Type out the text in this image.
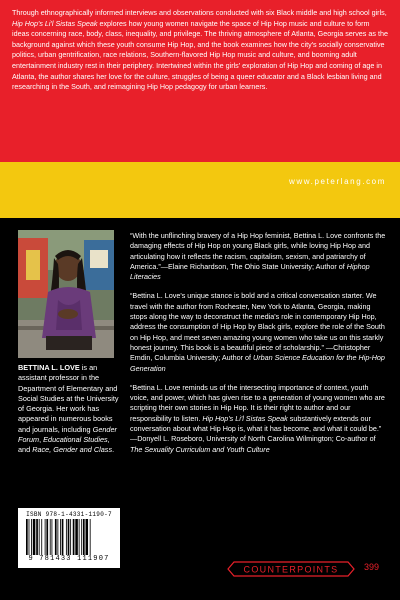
Through ethnographically informed interviews and observations conducted with six Black middle and high school girls, Hip Hop's Li'l Sistas Speak explores how young women navigate the space of Hip Hop music and culture to form ideas concerning race, body, class, inequality, and privilege. The thriving atmosphere of Atlanta, Georgia serves as the background against which these youth consume Hip Hop, and the book examines how the city's socially conservative politics, urban gentrification, race relations, Southern-flavored Hip Hop music and culture, and booming adult entertainment industry rest in their periphery. Intertwined within the girls' exploration of Hip Hop and coming of age in Atlanta, the author shares her love for the culture, struggles of being a queer educator and a Black lesbian living and researching in the South, and reimagining Hip Hop pedagogy for urban learners.

www.peterlang.com
BETTINA L. LOVE is an assistant professor in the Department of Elementary and Social Studies at the University of Georgia. Her work has appeared in numerous books and journals, including Gender Forum, Educational Studies, and Race, Gender and Class.

“With the unflinching bravery of a Hip Hop feminist, Bettina L. Love confronts the damaging effects of Hip Hop on young Black girls, while loving Hip Hop and articulating how it reflects the racism, capitalism, sexism, and patriarchy of America.”—Elaine Richardson, The Ohio State University; Author of Hiphop Literacies

“Bettina L. Love's unique stance is bold and a critical conversation starter. We travel with the author from Rochester, New York to Atlanta, Georgia, making stops along the way to deconstruct the media's role in contemporary Hip Hop, address the consumption of Hip Hop by Black girls, explore the role of the South on Hip Hop, and meet seven amazing young women who take us on this starkly honest journey. This book is a beautiful piece of scholarship.” —Christopher Emdin, Columbia University; Author of Urban Science Education for the Hip-Hop Generation

“Bettina L. Love reminds us of the intersecting importance of context, youth voice, and power, which has given rise to a generation of young women who are scripting their own stories in Hip Hop. It is their right to author and our responsibility to listen. Hip Hop's Li'l Sistas Speak substantively extends our conversation about what Hip Hop is, what it has become, and what it could be.” —Donyell L. Roseboro, University of North Carolina Wilmington; Co-author of The Sexuality Curriculum and Youth Culture

ISBN 978-1-4331-1190-7
9 781433 111907
COUNTERPOINTS	399
